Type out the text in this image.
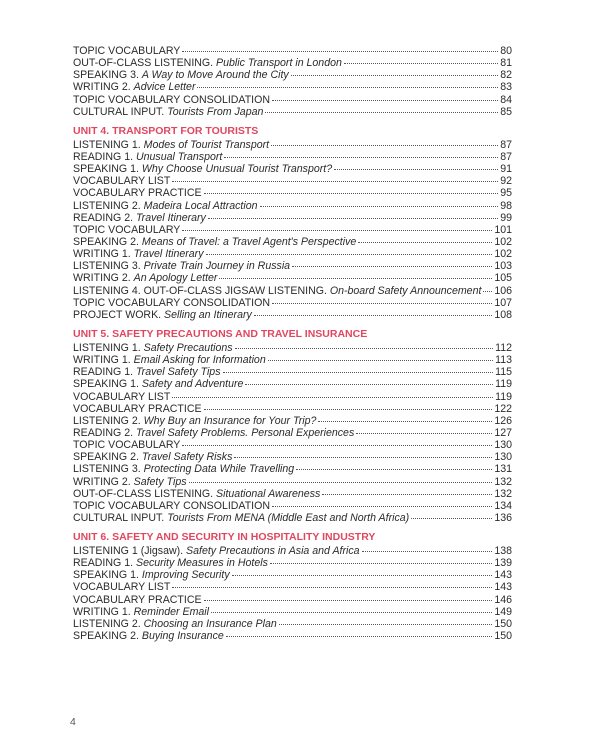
TOPIC VOCABULARY	80
OUT-OF-CLASS LISTENING. Public Transport in London	81
SPEAKING 3. A Way to Move Around the City	82
WRITING 2. Advice Letter	83
TOPIC VOCABULARY CONSOLIDATION	84
CULTURAL INPUT. Tourists From Japan	85
UNIT 4. TRANSPORT FOR TOURISTS
LISTENING 1. Modes of Tourist Transport	87
READING 1. Unusual Transport	87
SPEAKING 1. Why Choose Unusual Tourist Transport?	91
VOCABULARY LIST	92
VOCABULARY PRACTICE	95
LISTENING 2. Madeira Local Attraction	98
READING 2. Travel Itinerary	99
TOPIC VOCABULARY	101
SPEAKING 2. Means of Travel: a Travel Agent's Perspective	102
WRITING 1. Travel Itinerary	102
LISTENING 3. Private Train Journey in Russia	103
WRITING 2. An Apology Letter	105
LISTENING 4. OUT-OF-CLASS JIGSAW LISTENING. On-board Safety Announcement 106
TOPIC VOCABULARY CONSOLIDATION	107
PROJECT WORK. Selling an Itinerary	108
UNIT 5. SAFETY PRECAUTIONS AND TRAVEL INSURANCE
LISTENING 1. Safety Precautions	112
WRITING 1. Email Asking for Information	113
READING 1. Travel Safety Tips	115
SPEAKING 1. Safety and Adventure	119
VOCABULARY LIST	119
VOCABULARY PRACTICE	122
LISTENING 2. Why Buy an Insurance for Your Trip?	126
READING 2. Travel Safety Problems. Personal Experiences	127
TOPIC VOCABULARY	130
SPEAKING 2. Travel Safety Risks	130
LISTENING 3. Protecting Data While Travelling	131
WRITING 2. Safety Tips	132
OUT-OF-CLASS LISTENING. Situational Awareness	132
TOPIC VOCABULARY CONSOLIDATION	134
CULTURAL INPUT. Tourists From MENA (Middle East and North Africa)	136
UNIT 6. SAFETY AND SECURITY IN HOSPITALITY INDUSTRY
LISTENING 1 (Jigsaw). Safety Precautions in Asia and Africa	138
READING 1. Security Measures in Hotels	139
SPEAKING 1. Improving Security	143
VOCABULARY LIST	143
VOCABULARY PRACTICE	146
WRITING 1. Reminder Email	149
LISTENING 2. Choosing an Insurance Plan	150
SPEAKING 2. Buying Insurance	150
4
